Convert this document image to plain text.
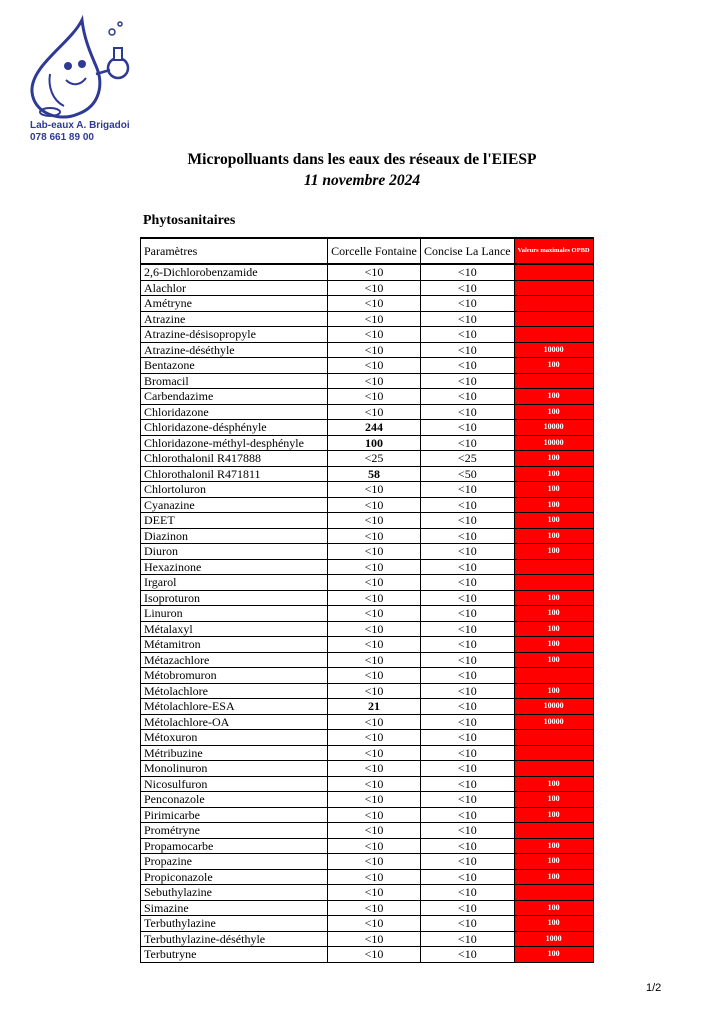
Lab-eaux A. Brigadoi
078 661 89 00
Micropolluants dans les eaux des réseaux de l'EIESP
11 novembre 2024
Phytosanitaires
Paramètres	Corcelle Fontaine	Concise La Lance	Valeurs maximales OPBD
2,6-Dichlorobenzamide	<10	<10	
Alachlor	<10	<10	
Amétryne	<10	<10	
Atrazine	<10	<10	
Atrazine-désisopropyle	<10	<10	
Atrazine-déséthyle	<10	<10	10000
Bentazone	<10	<10	100
Bromacil	<10	<10	
Carbendazime	<10	<10	100
Chloridazone	<10	<10	100
Chloridazone-désphényle	244	<10	10000
Chloridazone-méthyl-desphényle	100	<10	10000
Chlorothalonil R417888	<25	<25	100
Chlorothalonil R471811	58	<50	100
Chlortoluron	<10	<10	100
Cyanazine	<10	<10	100
DEET	<10	<10	100
Diazinon	<10	<10	100
Diuron	<10	<10	100
Hexazinone	<10	<10	
Irgarol	<10	<10	
Isoproturon	<10	<10	100
Linuron	<10	<10	100
Métalaxyl	<10	<10	100
Métamitron	<10	<10	100
Métazachlore	<10	<10	100
Métobromuron	<10	<10	
Métolachlore	<10	<10	100
Métolachlore-ESA	21	<10	10000
Métolachlore-OA	<10	<10	10000
Métoxuron	<10	<10	
Métribuzine	<10	<10	
Monolinuron	<10	<10	
Nicosulfuron	<10	<10	100
Penconazole	<10	<10	100
Pirimicarbe	<10	<10	100
Prométryne	<10	<10	
Propamocarbe	<10	<10	100
Propazine	<10	<10	100
Propiconazole	<10	<10	100
Sebuthylazine	<10	<10	
Simazine	<10	<10	100
Terbuthylazine	<10	<10	100
Terbuthylazine-déséthyle	<10	<10	1000
Terbutryne	<10	<10	100
1/2
